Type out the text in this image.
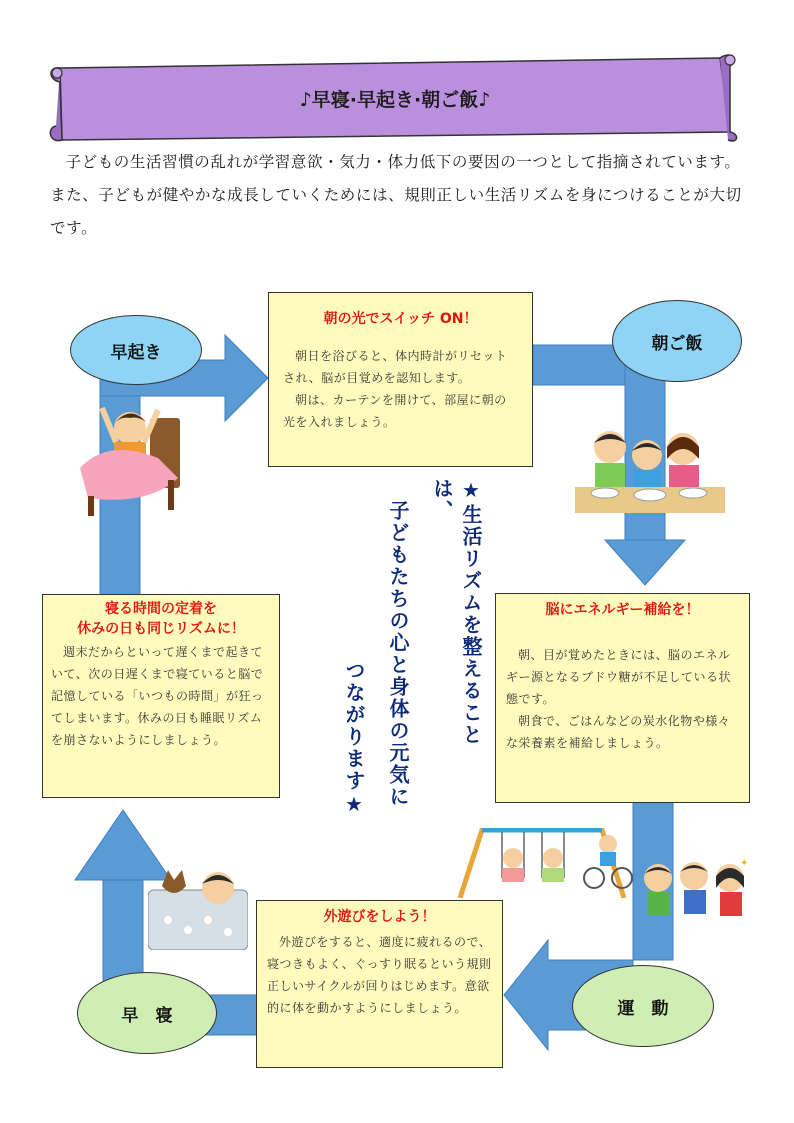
♪早寝·早起き·朝ご飯♪
子どもの生活習慣の乱れが学習意欲・気力・体力低下の要因の一つとして指摘されています。また、子どもが健やかな成長していくためには、規則正しい生活リズムを身につけることが大切です。
早起き	朝ご飯
運　動
早　寝
朝の光でスイッチ ON！

朝日を浴びると、体内時計がリセットされ、脳が目覚めを認知します。

朝は、カーテンを開けて、部屋に朝の光を入れましょう。

脳にエネルギー補給を！

朝、目が覚めたときには、脳のエネルギー源となるブドウ糖が不足している状態です。

朝食で、ごはんなどの炭水化物や様々な栄養素を補給しましょう。

外遊びをしよう！

外遊びをすると、適度に疲れるので、寝つきもよく、ぐっすり眠るという規則正しいサイクルが回りはじめます。意欲的に体を動かすようにしましょう。

寝る時間の定着を
休みの日も同じリズムに！

週末だからといって遅くまで起きていて、次の日遅くまで寝ていると脳で記憶している「いつもの時間」が狂ってしまいます。休みの日も睡眠リズムを崩さないようにしましょう。	★生活リズムを整えることは、
子どもたちの心と身体の元気に
つながります★
✦
